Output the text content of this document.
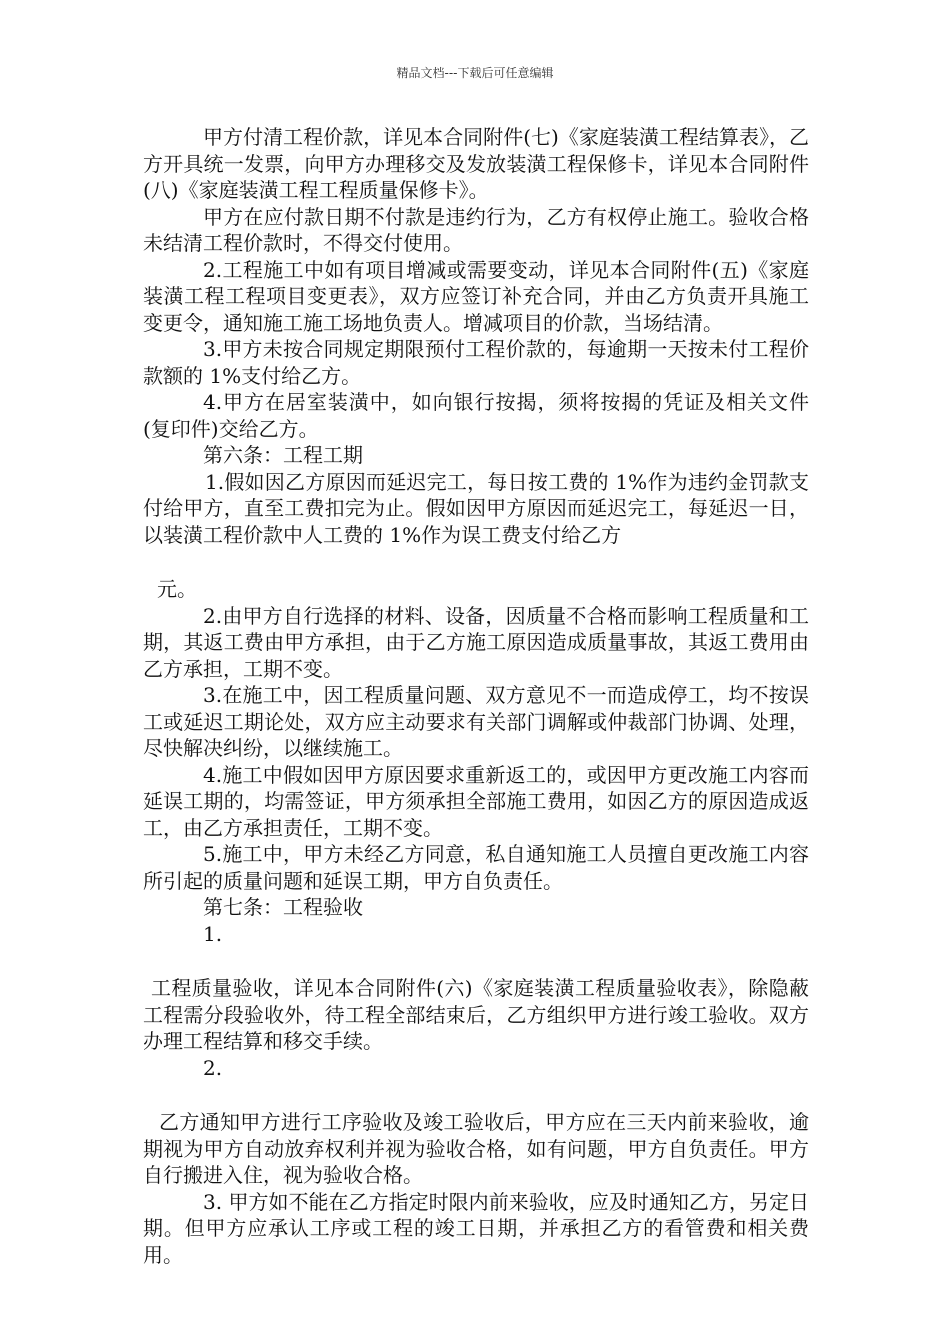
精品文档---下载后可任意编辑

甲方付清工程价款，详见本合同附件(七)《家庭装潢工程结算表》，乙方开具统一发票，向甲方办理移交及发放装潢工程保修卡，详见本合同附件(八)《家庭装潢工程工程质量保修卡》。

甲方在应付款日期不付款是违约行为，乙方有权停止施工。验收合格未结清工程价款时，不得交付使用。

2.工程施工中如有项目增减或需要变动，详见本合同附件(五)《家庭装潢工程工程项目变更表》，双方应签订补充合同，并由乙方负责开具施工变更令，通知施工施工场地负责人。增减项目的价款，当场结清。

3.甲方未按合同规定期限预付工程价款的，每逾期一天按未付工程价款额的 1%支付给乙方。

4.甲方在居室装潢中，如向银行按揭，须将按揭的凭证及相关文件(复印件)交给乙方。

第六条：工程工期

1.假如因乙方原因而延迟完工，每日按工费的 1%作为违约金罚款支付给甲方，直至工费扣完为止。假如因甲方原因而延迟完工，每延迟一日，以装潢工程价款中人工费的 1%作为误工费支付给乙方

元。

2.由甲方自行选择的材料、设备，因质量不合格而影响工程质量和工期，其返工费由甲方承担，由于乙方施工原因造成质量事故，其返工费用由乙方承担，工期不变。

3.在施工中，因工程质量问题、双方意见不一而造成停工，均不按误工或延迟工期论处，双方应主动要求有关部门调解或仲裁部门协调、处理，尽快解决纠纷，以继续施工。

4.施工中假如因甲方原因要求重新返工的，或因甲方更改施工内容而延误工期的，均需签证，甲方须承担全部施工费用，如因乙方的原因造成返工，由乙方承担责任，工期不变。

5.施工中，甲方未经乙方同意，私自通知施工人员擅自更改施工内容所引起的质量问题和延误工期，甲方自负责任。

第七条：工程验收

1.

工程质量验收，详见本合同附件(六)《家庭装潢工程质量验收表》，除隐蔽工程需分段验收外，待工程全部结束后，乙方组织甲方进行竣工验收。双方办理工程结算和移交手续。

2.

乙方通知甲方进行工序验收及竣工验收后，甲方应在三天内前来验收，逾期视为甲方自动放弃权利并视为验收合格，如有问题，甲方自负责任。甲方自行搬进入住，视为验收合格。

3. 甲方如不能在乙方指定时限内前来验收，应及时通知乙方，另定日期。但甲方应承认工序或工程的竣工日期，并承担乙方的看管费和相关费用。
